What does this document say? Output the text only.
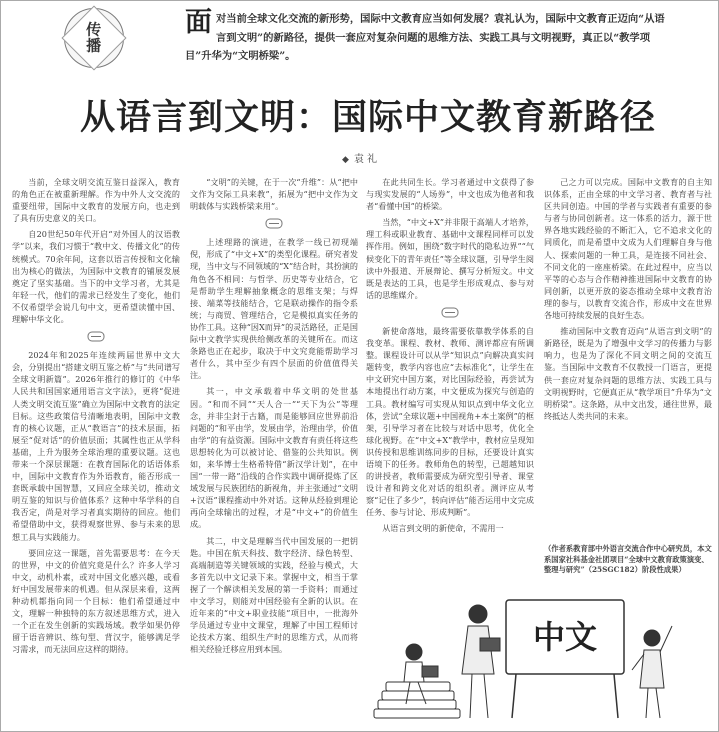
传
播
面 对当前全球文化交流的新形势，国际中文教育应当如何发展？袁礼认为，国际中文教育正迈向“从语言到文明”的新路径，提供一套应对复杂问题的思维方法、实践工具与文明视野，真正以“教学项目”升华为“文明桥梁”。
从语言到文明：国际中文教育新路径
◆ 袁 礼

当前，全球文明交流互鉴日益深入，教育的角色正在被重新理解。作为中外人文交流的重要纽带，国际中文教育的发展方向，也走到了具有历史意义的关口。

自20世纪50年代开启“对外国人的汉语教学”以来，我们习惯于“教中文、传播文化”的传统模式。70余年间，这套以语言传授和文化输出为核心的做法，为国际中文教育的铺展发展奠定了坚实基础。当下的中文学习者，尤其是年轻一代，他们的需求已经发生了变化，他们不仅希望学会说几句中文，更希望读懂中国、理解中华文化。

2024年和2025年连续两届世界中文大会，分别提出“搭建文明互鉴之桥”与“共同谱写全球文明新篇”。2026年推行的修订的《中华人民共和国国家通用语言文字法》，更将“促进人类文明交流互鉴”确立为国际中文教育的法定目标。这些政策信号清晰地表明，国际中文教育的核心议题，正从“教语言”的技术层面，拓展至“促对话”的价值层面；其属性也正从学科基础，上升为服务全球治理的重要议题。这也带来一个深层课题：在教育国际化的话语体系中，国际中文教育作为外语教育，能否形成一套既承载中国智慧，又回应全球关切，推动文明互鉴的知识与价值体系？这种中华学科的自我否定，尚是对学习者真实期待的回应。他们希望借助中文，获得观察世界、参与未来的思想工具与实践能力。

要回应这一课题，首先需要思考：在今天的世界，中文的价值究竟是什么？许多人学习中文，动机朴素，或对中国文化感兴趣，或看好中国发展带来的机遇。但从深层来看，这两种动机都指向同一个目标：他们希望通过中文，理解一种独特的东方叙述思维方式，进入一个正在发生创新的实践场域。教学如果仍停留于语音辨识、练句型、背汉字，能够满足学习需求，而无法回应这样的期待。

“文明”的关键，在于一次“升维”：从“把中文作为交际工具来教”，拓展为“把中文作为文明载体与实践桥梁来用”。

上述理路的演进，在教学一线已初现端倪，形成了“中文+X”的类型化课程。研究者发现，当中文与不同领域的“X”结合时，其扮演的角色各不相同：与哲学、历史等专业结合，它是帮助学生理解抽象概念的思维支架；与焊接、端菜等技能结合，它是联动操作的指令系统；与商贸、管理结合，它是模拟真实任务的协作工具。这种“因X而异”的灵活路径，正是国际中文教学实现供给侧改革的关键所在。而这条路也正在起步，取决于中文究竟能帮助学习者什么，其中至少有四个层面的价值值得关注。

其一，中文承载着中华文明的处世基因。“和而不同”“天人合一”“天下为公”等理念，并非尘封于古籍，而是能够回应世界前沿问题的“和平由学，发展由学，治理由学，价值由学”的有益资源。国际中文教育有责任将这些思想转化为可以被讨论、借鉴的公共知识。例如，来华博士生格希特借“新汉学计划”，在中国“一带一路”沿线的合作实践中调研提炼了区域发展与民族团结的新视角，并主张通过“文明+汉语”课程推动中外对话。这种从经验到理论再向全球输出的过程，才是“中文+”的价值生成。

其二，中文是理解当代中国发展的一把钥匙。中国在航天科技、数字经济、绿色转型、高端制造等关键领域的实践，经验与模式，大多首先以中文记录下来。掌握中文，相当于掌握了一个解读相关发展的第一手资料；而通过中文学习，则能对中国经验有全新的认识。在近年来的“中文+职业技能”项目中，一批海外学员通过专业中文课堂，理解了中国工程师讨论技术方案、组织生产时的思维方式，从而将相关经验迁移应用到本国。

在此共同生长。学习者通过中文获得了参与现实发展的“人场券”，中文也成为他者和我者“看懂中国”的桥梁。

当然，“中文+X”并非限于高端人才培养，理工科或职业教育、基础中文课程同样可以发挥作用。例如，围绕“数字时代的隐私边界”“气候变化下的青年责任”等全球议题，引导学生阅读中外报道、开展辩论、撰写分析短文。中文既是表达的工具，也是学生形成观点、参与对话的思维媒介。

新使命落地，最终需要依靠教学体系的自我变革。课程、教材、教师、测评都应有所调整。课程设计可以从学“知识点”向解决真实问题转变，教学内容也应“去标准化”，让学生在中文研究中国方案，对比国际经验，再尝试为本地提出行动方案，中文便成为探究与创造的工具。教材编写可实现从知识点到中华文化立体，尝试“全球议题+中国视角+本土案例”的框架，引导学习者在比较与对话中思考，优化全球化视野。在“中文+X”教学中，教材应呈现知识传授和思维训练同步的目标，还要设计真实语境下的任务。教师角色的转型，已超越知识的讲授者，教师需要成为研究型引导者、课堂设计者和跨文化对话的组织者。测评应从考察“记住了多少”，转向评估“能否运用中文完成任务、参与讨论、形成判断”。

从语言到文明的新使命，不需用一

己之力可以完成。国际中文教育的自主知识体系，正由全球的中文学习者、教育者与社区共同创造。中国的学者与实践者有重要的参与者与协同创新者。这一体系的活力，源于世界各地实践经验的不断汇入，它不追求文化的同质化，而是希望中文成为人们理解自身与他人、探索问题的一种工具，是连接不同社会、不同文化的一座座桥梁。在此过程中，应当以平等的心态与合作精神推进国际中文教育的协同创新，以更开放的姿态推动全球中文教育治理的参与，以教育交流合作，形成中文在世界各地可持续发展的良好生态。

推动国际中文教育迈向“从语言到文明”的新路径，既是为了增强中文学习的传播力与影响力，也是为了深化不同文明之间的交流互鉴。当国际中文教育不仅教授一门语言，更提供一套应对复杂问题的思维方法、实践工具与文明视野时，它便真正从“教学项目”升华为“文明桥梁”。这条路，从中文出发，通往世界，最终抵达人类共同的未来。

（作者系教育部中外语言交流合作中心研究员，本文系国家社科基金社团项目“全球中文教育政策演变、整理与研究”（25SGC182）阶段性成果）
中文
